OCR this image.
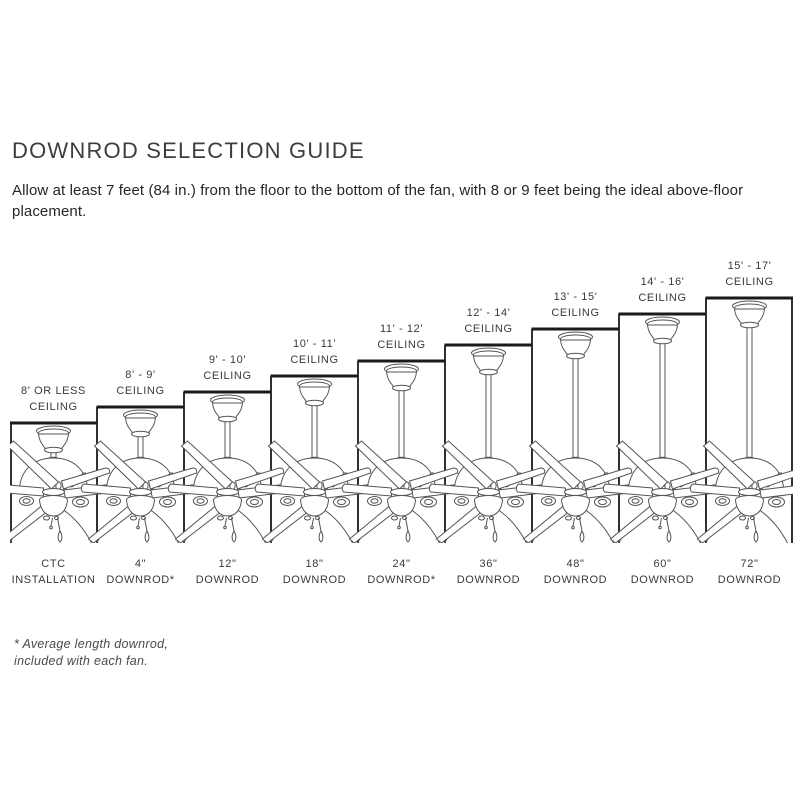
DOWNROD SELECTION GUIDE

Allow at least 7 feet (84 in.) from the floor to the bottom of the fan, with 8 or 9 feet being the ideal above-floor placement.

8' OR LESS
CEILING
CTC
INSTALLATION
8' - 9'
CEILING
4"
DOWNROD*
9' - 10'
CEILING
12"
DOWNROD
10' - 11'
CEILING
18"
DOWNROD
11' - 12'
CEILING
24"
DOWNROD*
12' - 14'
CEILING
36"
DOWNROD
13' - 15'
CEILING
48"
DOWNROD
14' - 16'
CEILING
60"
DOWNROD
15' - 17'
CEILING
72"
DOWNROD

* Average length downrod,
included with each fan.
